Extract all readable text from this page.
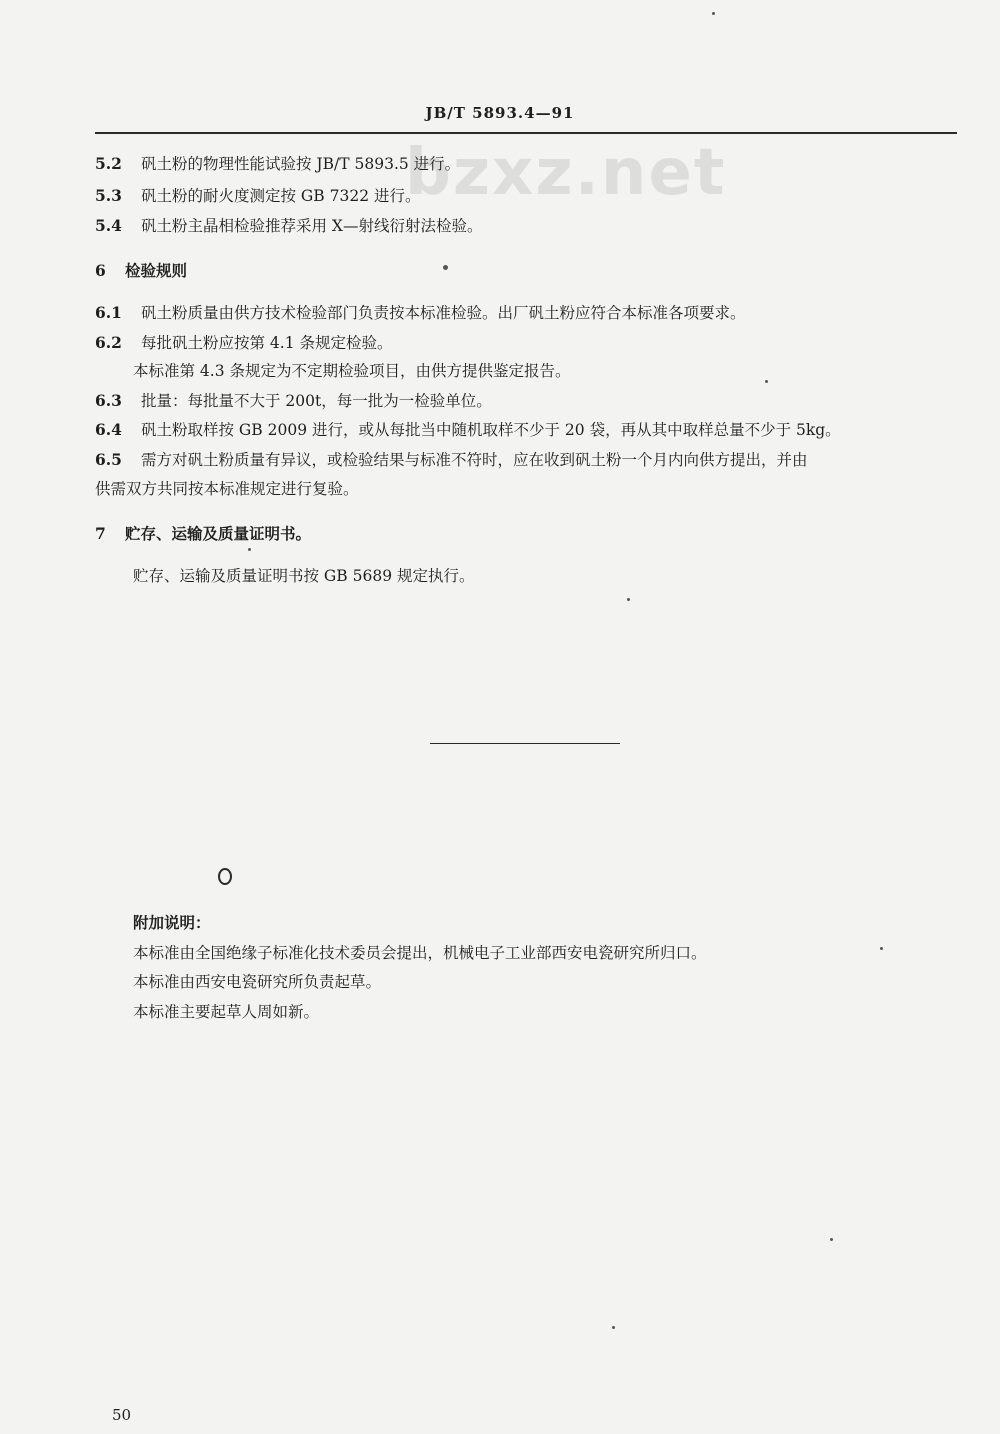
JB/T 5893.4—91
bzxz.net
5.2 矾土粉的物理性能试验按 JB/T 5893.5 进行。
5.3 矾土粉的耐火度测定按 GB 7322 进行。
5.4 矾土粉主晶相检验推荐采用 X—射线衍射法检验。
6 检验规则
6.1 矾土粉质量由供方技术检验部门负责按本标准检验。出厂矾土粉应符合本标准各项要求。
6.2 每批矾土粉应按第 4.1 条规定检验。
本标准第 4.3 条规定为不定期检验项目，由供方提供鉴定报告。
6.3 批量：每批量不大于 200t，每一批为一检验单位。
6.4 矾土粉取样按 GB 2009 进行，或从每批当中随机取样不少于 20 袋，再从其中取样总量不少于 5kg。
6.5 需方对矾土粉质量有异议，或检验结果与标准不符时，应在收到矾土粉一个月内向供方提出，并由
供需双方共同按本标准规定进行复验。
7 贮存、运输及质量证明书。
贮存、运输及质量证明书按 GB 5689 规定执行。
附加说明：
本标准由全国绝缘子标准化技术委员会提出，机械电子工业部西安电瓷研究所归口。
本标准由西安电瓷研究所负责起草。
本标准主要起草人周如新。
50
